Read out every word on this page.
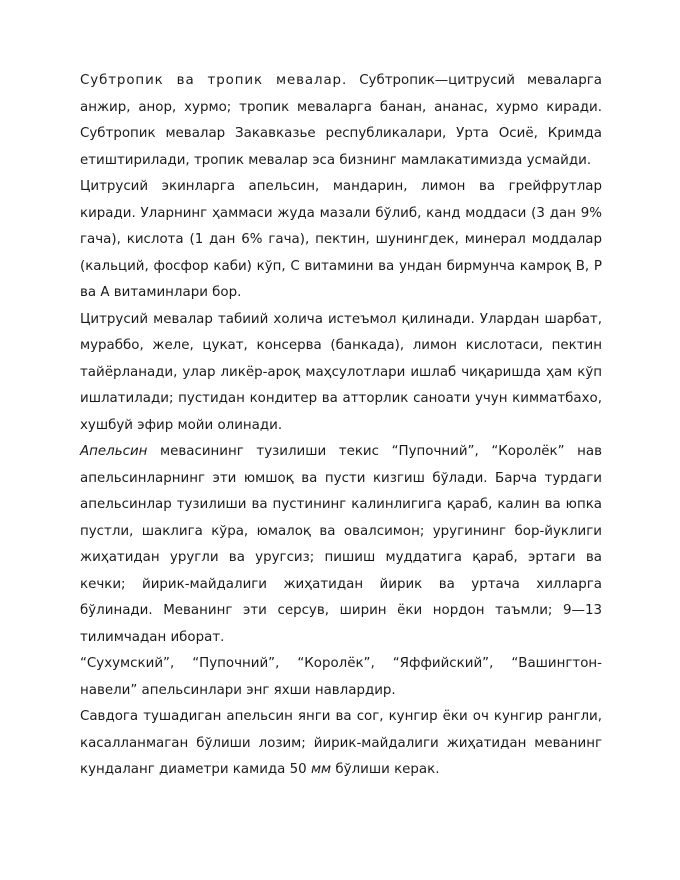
Субтропик ва тропик мевалар. Субтропик—цитрусий меваларга анжир, анор, хурмо; тропик меваларга банан, ананас, хурмо киради. Субтропик мевалар Закавказье республикалари, Урта Осиё, Кримда етиштирилади, тропик мевалар эса бизнинг мамлакатимизда усмайди.

Цитрусий экинларга апельсин, мандарин, лимон ва грейфрутлар киради. Уларнинг ҳаммаси жуда мазали бўлиб, канд моддаси (3 дан 9% гача), кислота (1 дан 6% гача), пектин, шунингдек, минерал моддалар (кальций, фосфор каби) кўп, С витамини ва ундан бирмунча камроқ В, Р ва А витаминлари бор.

Цитрусий мевалар табиий холича истеъмол қилинади. Улардан шарбат, мураббо, желе, цукат, консерва (банкада), лимон кислотаси, пектин тайёрланади, улар ликёр-ароқ маҳсулотлари ишлаб чиқаришда ҳам кўп ишлатилади; пустидан кондитер ва атторлик саноати учун кимматбахо, хушбуй эфир мойи олинади.

Апельсин мевасининг тузилиши текис “Пупочний”, “Королёк” нав апельсинларнинг эти юмшоқ ва пусти кизгиш бўлади. Барча турдаги апельсинлар тузилиши ва пустининг калинлигига қараб, калин ва юпка пустли, шаклига кўра, юмалоқ ва овалсимон; уругининг бор-йуклиги жиҳатидан уругли ва уругсиз; пишиш муддатига қараб, эртаги ва кечки; йирик-майдалиги жиҳатидан йирик ва уртача хилларга бўлинади. Меванинг эти серсув, ширин ёки нордон таъмли; 9—13 тилимчадан иборат.

“Сухумский”, “Пупочний”, “Королёк”, “Яффийский”, “Вашингтон-навели” апельсинлари энг яхши навлардир.

Савдога тушадиган апельсин янги ва сог, кунгир ёки оч кунгир рангли, касалланмаган бўлиши лозим; йирик-майдалиги жиҳатидан меванинг кундаланг диаметри камида 50 мм бўлиши керак.
